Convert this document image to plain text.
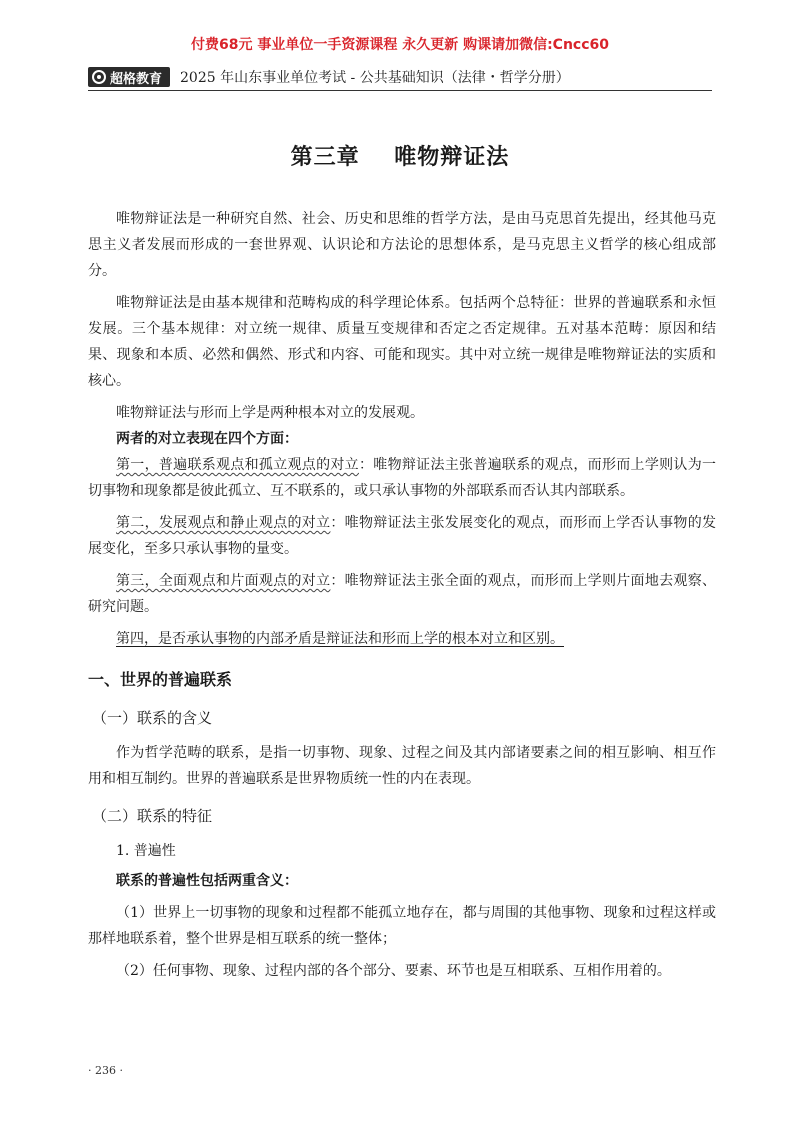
付费68元 事业单位一手资源课程 永久更新 购课请加微信:Cncc60
超格教育 2025 年山东事业单位考试 - 公共基础知识（法律・哲学分册）
第三章    唯物辩证法

唯物辩证法是一种研究自然、社会、历史和思维的哲学方法，是由马克思首先提出，经其他马克思主义者发展而形成的一套世界观、认识论和方法论的思想体系，是马克思主义哲学的核心组成部分。

唯物辩证法是由基本规律和范畴构成的科学理论体系。包括两个总特征：世界的普遍联系和永恒发展。三个基本规律：对立统一规律、质量互变规律和否定之否定规律。五对基本范畴：原因和结果、现象和本质、必然和偶然、形式和内容、可能和现实。其中对立统一规律是唯物辩证法的实质和核心。

唯物辩证法与形而上学是两种根本对立的发展观。

两者的对立表现在四个方面：

第一，普遍联系观点和孤立观点的对立：唯物辩证法主张普遍联系的观点，而形而上学则认为一切事物和现象都是彼此孤立、互不联系的，或只承认事物的外部联系而否认其内部联系。

第二，发展观点和静止观点的对立：唯物辩证法主张发展变化的观点，而形而上学否认事物的发展变化，至多只承认事物的量变。

第三，全面观点和片面观点的对立：唯物辩证法主张全面的观点，而形而上学则片面地去观察、研究问题。

第四，是否承认事物的内部矛盾是辩证法和形而上学的根本对立和区别。

一、世界的普遍联系
（一）联系的含义

作为哲学范畴的联系，是指一切事物、现象、过程之间及其内部诸要素之间的相互影响、相互作用和相互制约。世界的普遍联系是世界物质统一性的内在表现。

（二）联系的特征

1. 普遍性

联系的普遍性包括两重含义：

（1）世界上一切事物的现象和过程都不能孤立地存在，都与周围的其他事物、现象和过程这样或那样地联系着，整个世界是相互联系的统一整体；

（2）任何事物、现象、过程内部的各个部分、要素、环节也是互相联系、互相作用着的。

· 236 ·
